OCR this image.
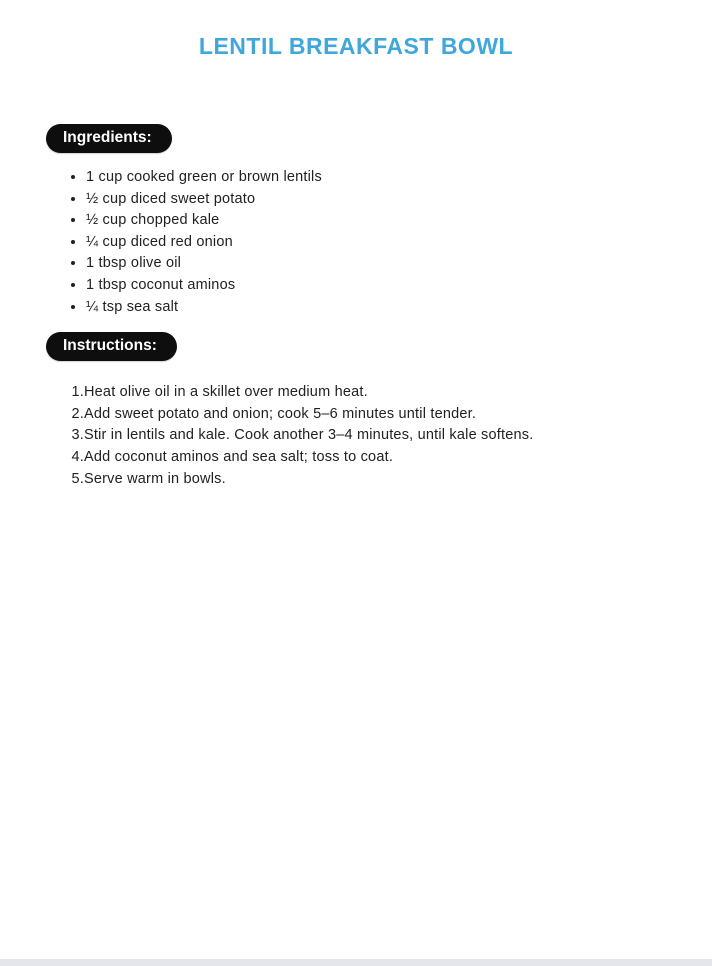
LENTIL BREAKFAST BOWL
Ingredients:
• 1 cup cooked green or brown lentils
• ½ cup diced sweet potato
• ½ cup chopped kale
• ¼ cup diced red onion
• 1 tbsp olive oil
• 1 tbsp coconut aminos
• ¼ tsp sea salt
Instructions:
Heat olive oil in a skillet over medium heat.
Add sweet potato and onion; cook 5–6 minutes until tender.
Stir in lentils and kale. Cook another 3–4 minutes, until kale softens.
Add coconut aminos and sea salt; toss to coat.
Serve warm in bowls.
